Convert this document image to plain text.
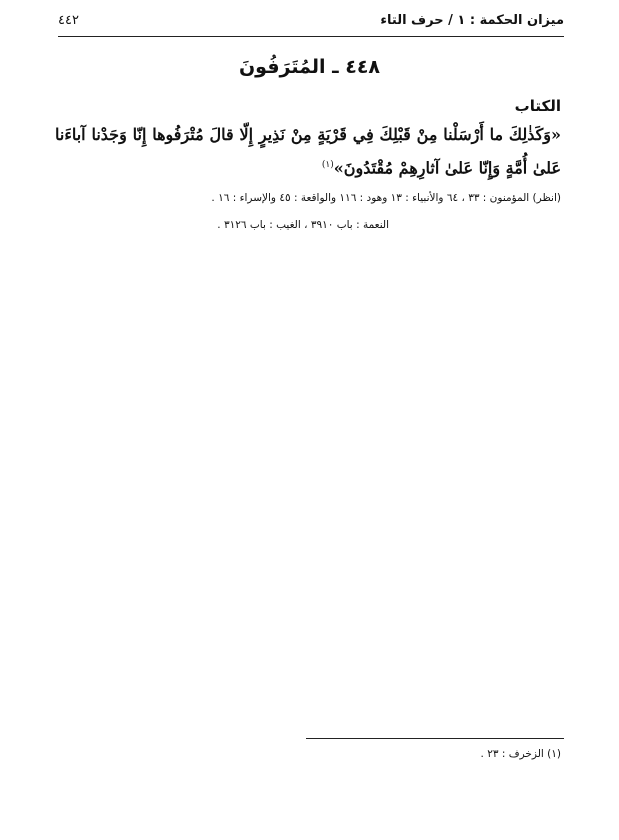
ميزان الحكمة : ١ / حرف التاء
٤٤٢
٤٤٨ ـ المُتَرَفُونَ
الكتاب
«وَكَذٰلِكَ ما أَرْسَلْنا مِنْ قَبْلِكَ فِي قَرْيَةٍ مِنْ نَذِيرٍ إِلّا قالَ مُتْرَفُوها إِنّا وَجَدْنا آباءَنا عَلىٰ أُمَّةٍ وَإِنّا عَلىٰ آثارِهِمْ مُقْتَدُونَ»$^{(١)}$
(انظر) المؤمنون : ٣٣ ، ٦٤ والأنبياء : ١٣ وهود : ١١٦ والواقعة : ٤٥ والإسراء : ١٦ .
النعمة : باب ٣٩١٠ ، الغيب : باب ٣١٢٦ .
(١) الزخرف : ٢٣ .
